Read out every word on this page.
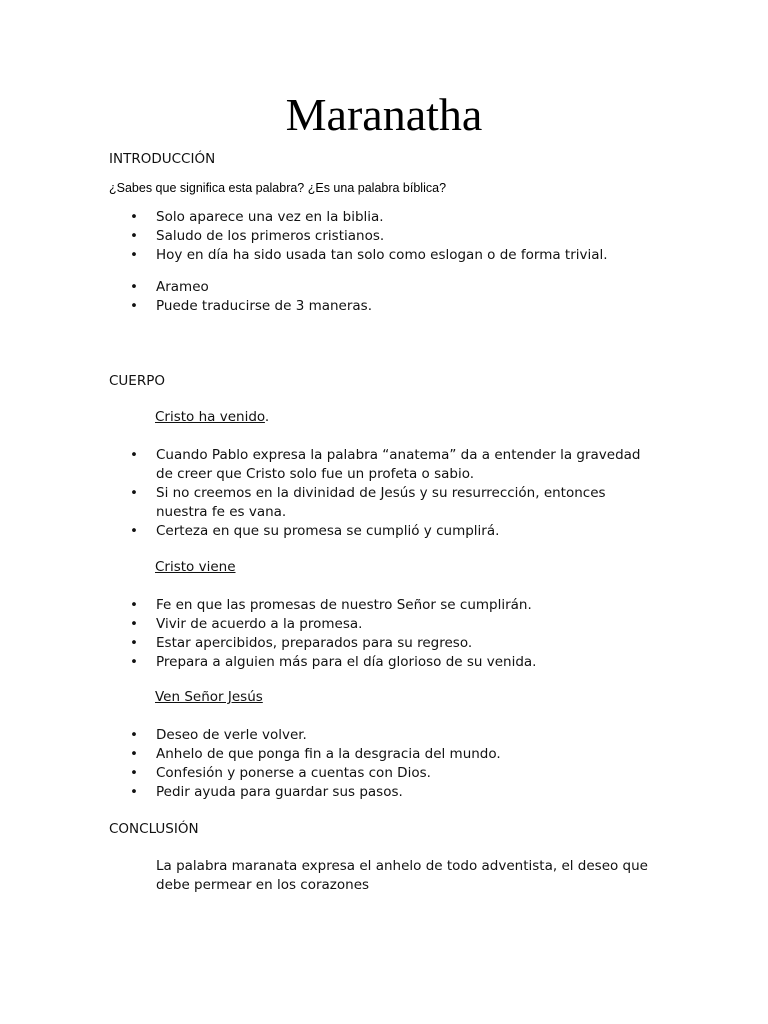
Maranatha
INTRODUCCIÓN
¿Sabes que significa esta palabra? ¿Es una palabra bíblica?
• Solo aparece una vez en la biblia.
• Saludo de los primeros cristianos.
• Hoy en día ha sido usada tan solo como eslogan o de forma trivial.
• Arameo
• Puede traducirse de 3 maneras.
CUERPO
Cristo ha venido.
• Cuando Pablo expresa la palabra “anatema” da a entender la gravedad de creer que Cristo solo fue un profeta o sabio.
• Si no creemos en la divinidad de Jesús y su resurrección, entonces nuestra fe es vana.
• Certeza en que su promesa se cumplió y cumplirá.
Cristo viene
• Fe en que las promesas de nuestro Señor se cumplirán.
• Vivir de acuerdo a la promesa.
• Estar apercibidos, preparados para su regreso.
• Prepara a alguien más para el día glorioso de su venida.
Ven Señor Jesús
• Deseo de verle volver.
• Anhelo de que ponga fin a la desgracia del mundo.
• Confesión y ponerse a cuentas con Dios.
• Pedir ayuda para guardar sus pasos.
CONCLUSIÓN
La palabra maranata expresa el anhelo de todo adventista, el deseo que debe permear en los corazones
